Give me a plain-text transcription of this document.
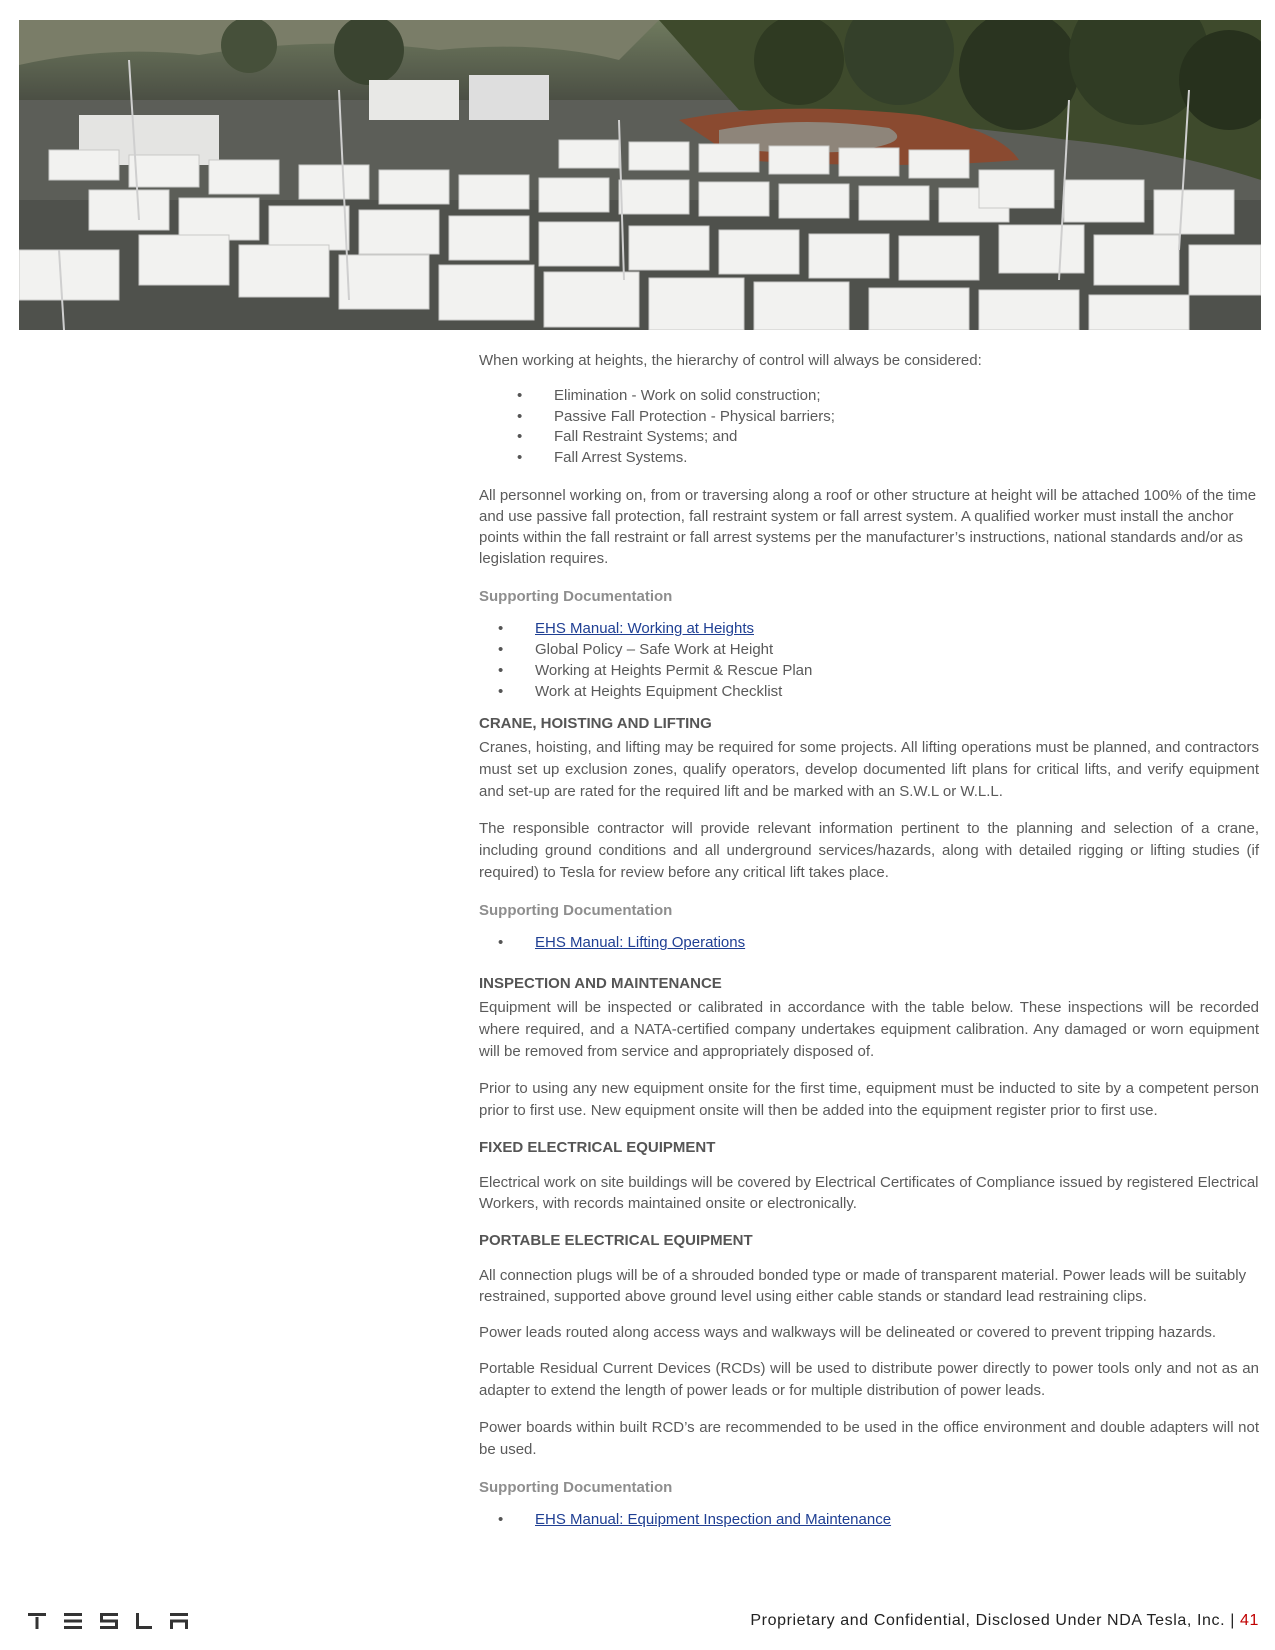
When working at heights, the hierarchy of control will always be considered:

• Elimination - Work on solid construction;
• Passive Fall Protection - Physical barriers;
• Fall Restraint Systems; and
• Fall Arrest Systems.

All personnel working on, from or traversing along a roof or other structure at height will be attached 100% of the time and use passive fall protection, fall restraint system or fall arrest system. A qualified worker must install the anchor points within the fall restraint or fall arrest systems per the manufacturer’s instructions, national standards and/or as legislation requires.

Supporting Documentation

• EHS Manual: Working at Heights
• Global Policy – Safe Work at Height
• Working at Heights Permit & Rescue Plan
• Work at Heights Equipment Checklist

CRANE, HOISTING AND LIFTING

Cranes, hoisting, and lifting may be required for some projects. All lifting operations must be planned, and contractors must set up exclusion zones, qualify operators, develop documented lift plans for critical lifts, and verify equipment and set-up are rated for the required lift and be marked with an S.W.L or W.L.L.

The responsible contractor will provide relevant information pertinent to the planning and selection of a crane, including ground conditions and all underground services/hazards, along with detailed rigging or lifting studies (if required) to Tesla for review before any critical lift takes place.

Supporting Documentation

• EHS Manual: Lifting Operations

INSPECTION AND MAINTENANCE

Equipment will be inspected or calibrated in accordance with the table below. These inspections will be recorded where required, and a NATA-certified company undertakes equipment calibration. Any damaged or worn equipment will be removed from service and appropriately disposed of.

Prior to using any new equipment onsite for the first time, equipment must be inducted to site by a competent person prior to first use. New equipment onsite will then be added into the equipment register prior to first use.

FIXED ELECTRICAL EQUIPMENT

Electrical work on site buildings will be covered by Electrical Certificates of Compliance issued by registered Electrical Workers, with records maintained onsite or electronically.

PORTABLE ELECTRICAL EQUIPMENT

All connection plugs will be of a shrouded bonded type or made of transparent material. Power leads will be suitably restrained, supported above ground level using either cable stands or standard lead restraining clips.

Power leads routed along access ways and walkways will be delineated or covered to prevent tripping hazards.

Portable Residual Current Devices (RCDs) will be used to distribute power directly to power tools only and not as an adapter to extend the length of power leads or for multiple distribution of power leads.

Power boards within built RCD’s are recommended to be used in the office environment and double adapters will not be used.

Supporting Documentation

• EHS Manual: Equipment Inspection and Maintenance
Proprietary and Confidential, Disclosed Under NDA Tesla, Inc. | 41
